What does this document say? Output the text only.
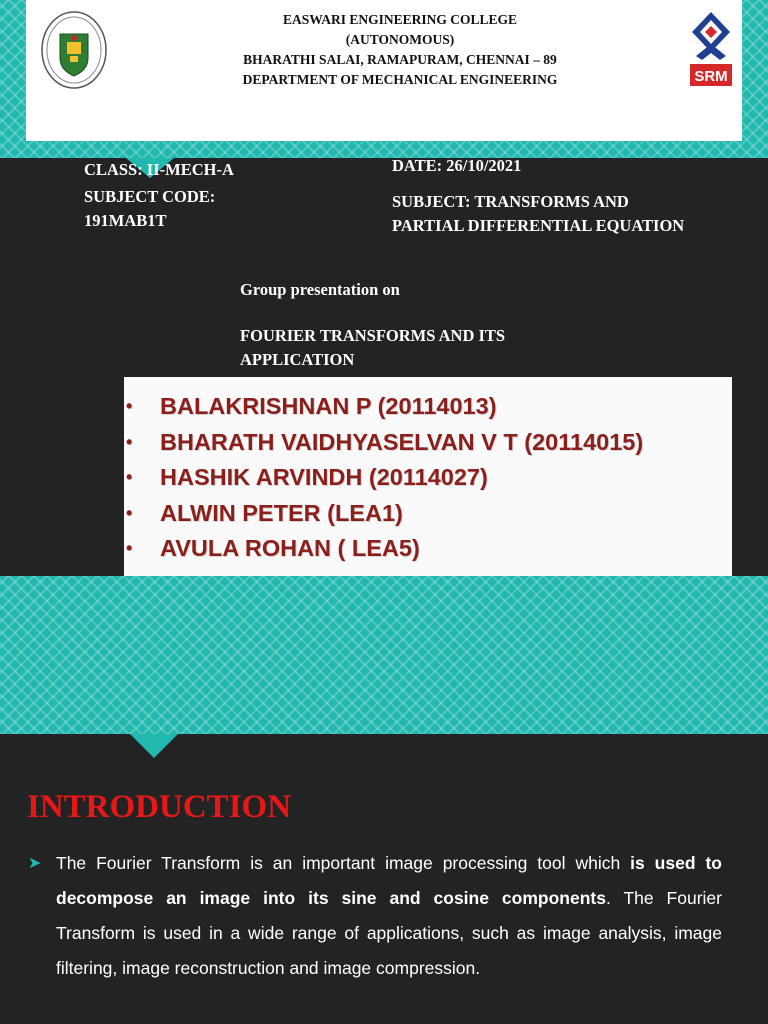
EASWARI ENGINEERING COLLEGE
(AUTONOMOUS)
BHARATHI SALAI, RAMAPURAM, CHENNAI – 89
DEPARTMENT OF MECHANICAL ENGINEERING	SRM
CLASS: II-MECH-A
SUBJECT CODE:
191MAB1T
DATE: 26/10/2021
SUBJECT: TRANSFORMS AND
PARTIAL DIFFERENTIAL EQUATION
Group presentation on
FOURIER TRANSFORMS AND ITS
APPLICATION
• BALAKRISHNAN P (20114013)
• BHARATH VAIDHYASELVAN V T (20114015)
• HASHIK ARVINDH (20114027)
• ALWIN PETER (LEA1)
• AVULA ROHAN ( LEA5)
INTRODUCTION

➤ The Fourier Transform is an important image processing tool which is used to decompose an image into its sine and cosine components. The Fourier Transform is used in a wide range of applications, such as image analysis, image filtering, image reconstruction and image compression.
